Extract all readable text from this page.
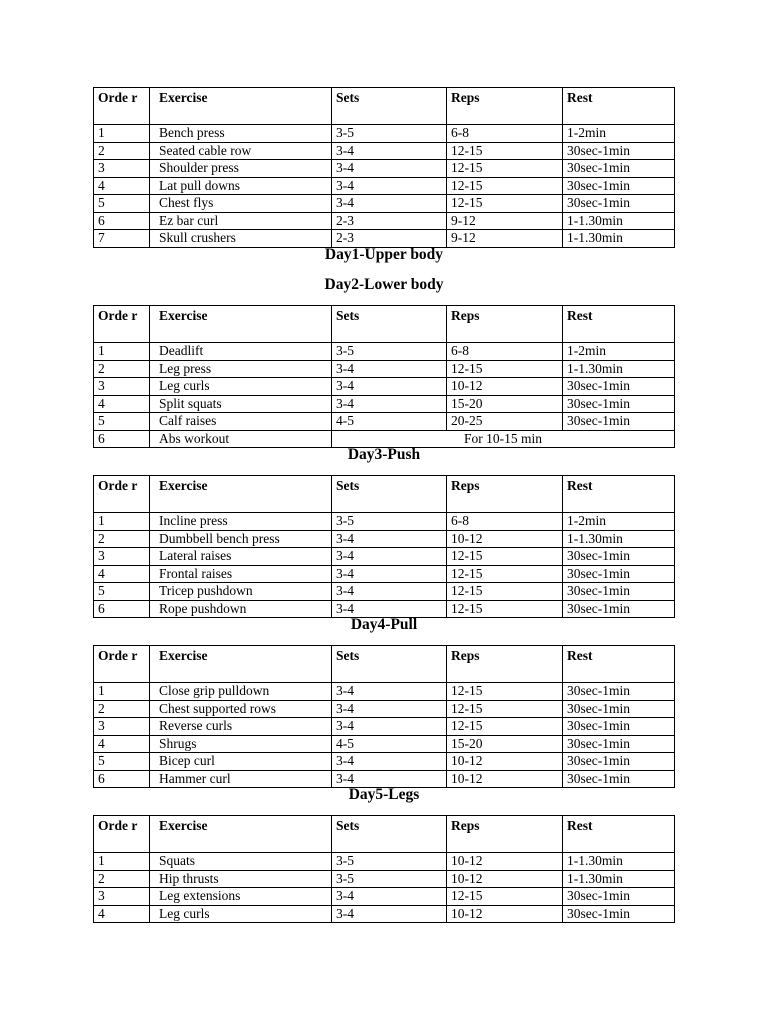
Orde r	Exercise	Sets	Reps	Rest
1	Bench press	3-5	6-8	1-2min
2	Seated cable row	3-4	12-15	30sec-1min
3	Shoulder press	3-4	12-15	30sec-1min
4	Lat pull downs	3-4	12-15	30sec-1min
5	Chest flys	3-4	12-15	30sec-1min
6	Ez bar curl	2-3	9-12	1-1.30min
7	Skull crushers	2-3	9-12	1-1.30min
Day1-Upper body
Day2-Lower body
Orde r	Exercise	Sets	Reps	Rest
1	Deadlift	3-5	6-8	1-2min
2	Leg press	3-4	12-15	1-1.30min
3	Leg curls	3-4	10-12	30sec-1min
4	Split squats	3-4	15-20	30sec-1min
5	Calf raises	4-5	20-25	30sec-1min
6	Abs workout	For 10-15 min		
Day3-Push
Orde r	Exercise	Sets	Reps	Rest
1	Incline press	3-5	6-8	1-2min
2	Dumbbell bench press	3-4	10-12	1-1.30min
3	Lateral raises	3-4	12-15	30sec-1min
4	Frontal raises	3-4	12-15	30sec-1min
5	Tricep pushdown	3-4	12-15	30sec-1min
6	Rope pushdown	3-4	12-15	30sec-1min
Day4-Pull
Orde r	Exercise	Sets	Reps	Rest
1	Close grip pulldown	3-4	12-15	30sec-1min
2	Chest supported rows	3-4	12-15	30sec-1min
3	Reverse curls	3-4	12-15	30sec-1min
4	Shrugs	4-5	15-20	30sec-1min
5	Bicep curl	3-4	10-12	30sec-1min
6	Hammer curl	3-4	10-12	30sec-1min
Day5-Legs
Orde r	Exercise	Sets	Reps	Rest
1	Squats	3-5	10-12	1-1.30min
2	Hip thrusts	3-5	10-12	1-1.30min
3	Leg extensions	3-4	12-15	30sec-1min
4	Leg curls	3-4	10-12	30sec-1min
